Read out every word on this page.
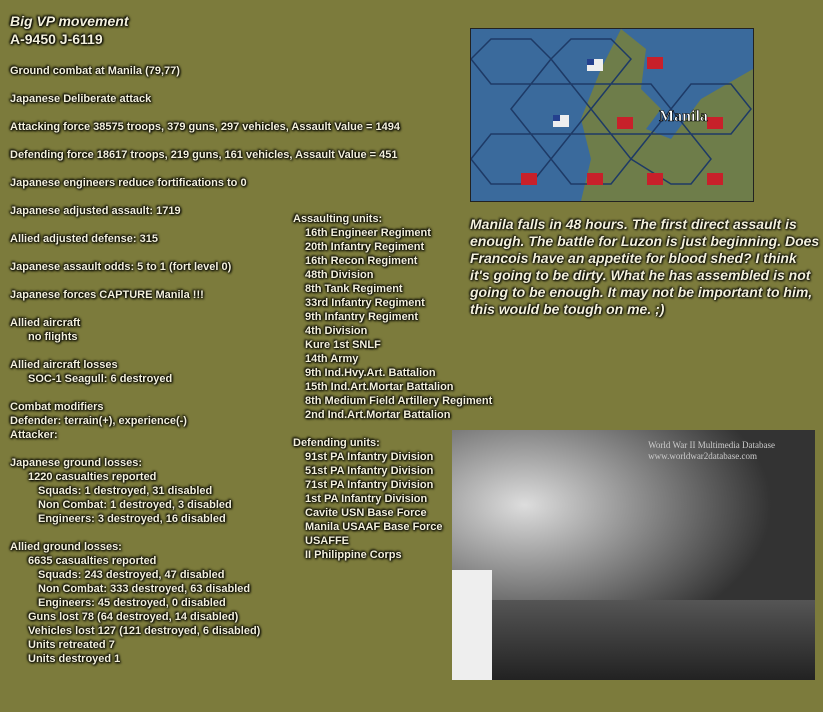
Big VP movement
A-9450 J-6119
Ground combat at Manila (79,77)
Japanese Deliberate attack
Attacking force 38575 troops, 379 guns, 297 vehicles, Assault Value = 1494
Defending force 18617 troops, 219 guns, 161 vehicles, Assault Value = 451
Japanese engineers reduce fortifications to 0
Japanese adjusted assault: 1719
Allied adjusted defense: 315
Japanese assault odds: 5 to 1 (fort level 0)
Japanese forces CAPTURE Manila !!!
Allied aircraft
no flights
Allied aircraft losses
SOC-1 Seagull: 6 destroyed
Combat modifiers
Defender: terrain(+), experience(-)
Attacker:
Japanese ground losses:
1220 casualties reported
Squads: 1 destroyed, 31 disabled
Non Combat: 1 destroyed, 3 disabled
Engineers: 3 destroyed, 16 disabled
Allied ground losses:
6635 casualties reported
Squads: 243 destroyed, 47 disabled
Non Combat: 333 destroyed, 63 disabled
Engineers: 45 destroyed, 0 disabled
Guns lost 78 (64 destroyed, 14 disabled)
Vehicles lost 127 (121 destroyed, 6 disabled)
Units retreated 7
Units destroyed 1
Assaulting units:
16th Engineer Regiment
20th Infantry Regiment
16th Recon Regiment
48th Division
8th Tank Regiment
33rd Infantry Regiment
9th Infantry Regiment
4th Division
Kure 1st SNLF
14th Army
9th Ind.Hvy.Art. Battalion
15th Ind.Art.Mortar Battalion
8th Medium Field Artillery Regiment
2nd Ind.Art.Mortar Battalion
Defending units:
91st PA Infantry Division
51st PA Infantry Division
71st PA Infantry Division
1st PA Infantry Division
Cavite USN Base Force
Manila USAAF Base Force
USAFFE
II Philippine Corps
Manila
Manila falls in 48 hours. The first direct assault is enough. The battle for Luzon is just beginning. Does Francois have an appetite for blood shed? I think it's going to be dirty. What he has assembled is not going to be enough. It may not be important to him, this would be tough on me. ;)
World War II Multimedia Database
www.worldwar2database.com
